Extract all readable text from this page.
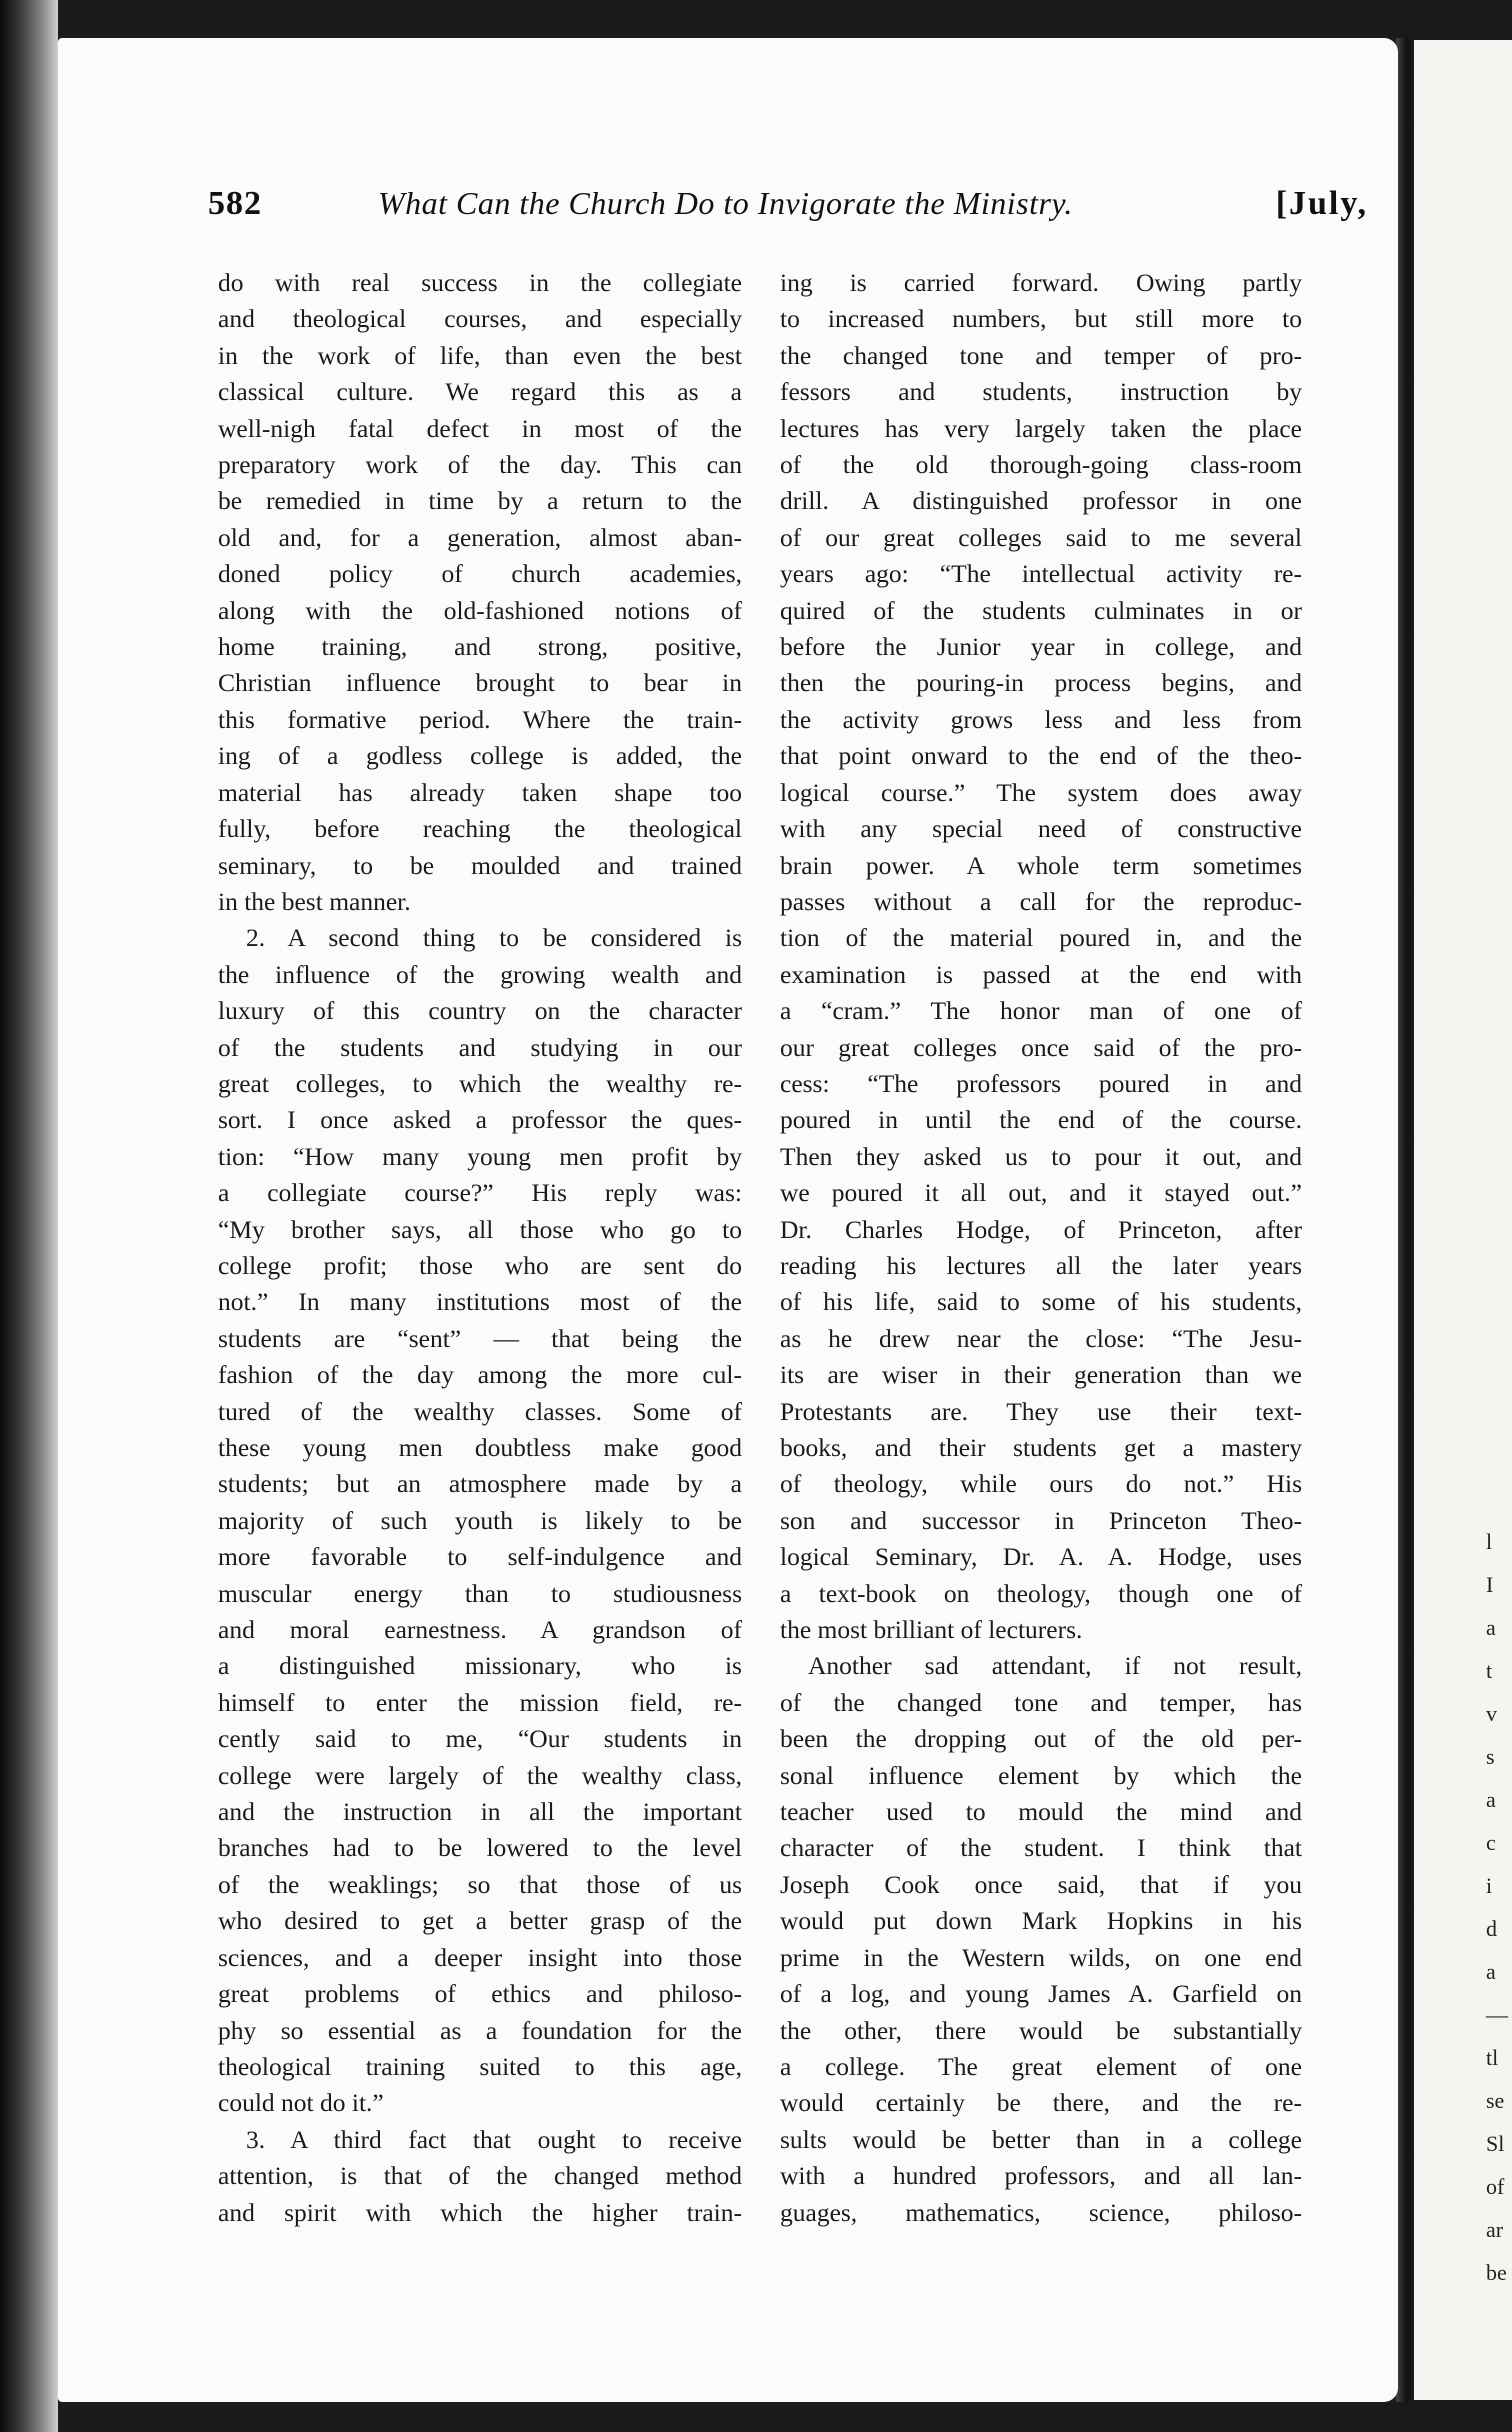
l
I
a
t
v
s
a
c
i
d
a
—
tl
se
Sl
of
ar
be
582	What Can the Church Do to Invigorate the Ministry.	[July,
do with real success in the collegiate
and theological courses, and especially
in the work of life, than even the best
classical culture. We regard this as a
well-nigh fatal defect in most of the
preparatory work of the day. This can
be remedied in time by a return to the
old and, for a generation, almost aban-
doned policy of church academies,
along with the old-fashioned notions of
home training, and strong, positive,
Christian influence brought to bear in
this formative period. Where the train-
ing of a godless college is added, the
material has already taken shape too
fully, before reaching the theological
seminary, to be moulded and trained
in the best manner.
2. A second thing to be considered is
the influence of the growing wealth and
luxury of this country on the character
of the students and studying in our
great colleges, to which the wealthy re-
sort. I once asked a professor the ques-
tion: “How many young men profit by
a collegiate course?” His reply was:
“My brother says, all those who go to
college profit; those who are sent do
not.” In many institutions most of the
students are “sent” — that being the
fashion of the day among the more cul-
tured of the wealthy classes. Some of
these young men doubtless make good
students; but an atmosphere made by a
majority of such youth is likely to be
more favorable to self-indulgence and
muscular energy than to studiousness
and moral earnestness. A grandson of
a distinguished missionary, who is
himself to enter the mission field, re-
cently said to me, “Our students in
college were largely of the wealthy class,
and the instruction in all the important
branches had to be lowered to the level
of the weaklings; so that those of us
who desired to get a better grasp of the
sciences, and a deeper insight into those
great problems of ethics and philoso-
phy so essential as a foundation for the
theological training suited to this age,
could not do it.”
3. A third fact that ought to receive
attention, is that of the changed method
and spirit with which the higher train-
ing is carried forward. Owing partly
to increased numbers, but still more to
the changed tone and temper of pro-
fessors and students, instruction by
lectures has very largely taken the place
of the old thorough-going class-room
drill. A distinguished professor in one
of our great colleges said to me several
years ago: “The intellectual activity re-
quired of the students culminates in or
before the Junior year in college, and
then the pouring-in process begins, and
the activity grows less and less from
that point onward to the end of the theo-
logical course.” The system does away
with any special need of constructive
brain power. A whole term sometimes
passes without a call for the reproduc-
tion of the material poured in, and the
examination is passed at the end with
a “cram.” The honor man of one of
our great colleges once said of the pro-
cess: “The professors poured in and
poured in until the end of the course.
Then they asked us to pour it out, and
we poured it all out, and it stayed out.”
Dr. Charles Hodge, of Princeton, after
reading his lectures all the later years
of his life, said to some of his students,
as he drew near the close: “The Jesu-
its are wiser in their generation than we
Protestants are. They use their text-
books, and their students get a mastery
of theology, while ours do not.” His
son and successor in Princeton Theo-
logical Seminary, Dr. A. A. Hodge, uses
a text-book on theology, though one of
the most brilliant of lecturers.
Another sad attendant, if not result,
of the changed tone and temper, has
been the dropping out of the old per-
sonal influence element by which the
teacher used to mould the mind and
character of the student. I think that
Joseph Cook once said, that if you
would put down Mark Hopkins in his
prime in the Western wilds, on one end
of a log, and young James A. Garfield on
the other, there would be substantially
a college. The great element of one
would certainly be there, and the re-
sults would be better than in a college
with a hundred professors, and all lan-
guages, mathematics, science, philoso-
